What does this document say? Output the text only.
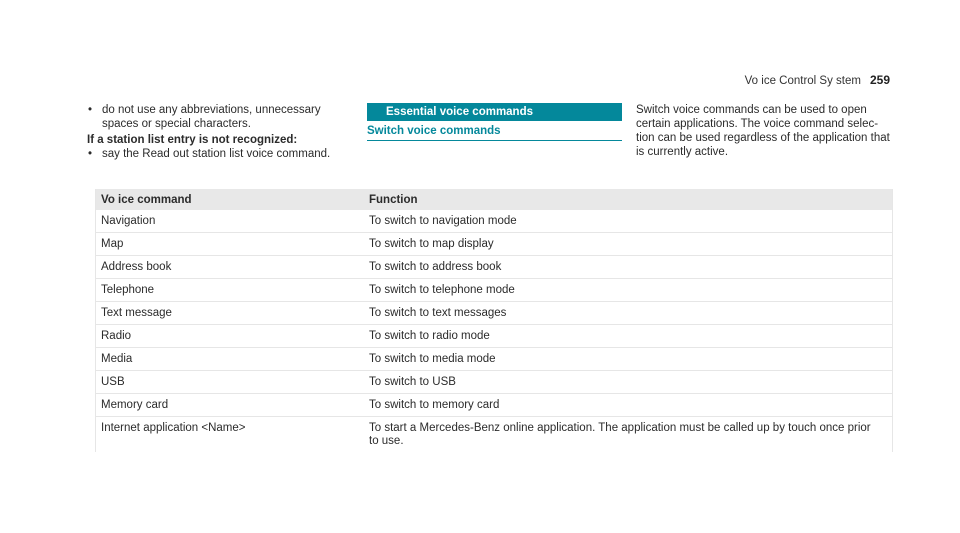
Vo ice Control Sy stem 259
• do not use any abbreviations, unnecessary spaces or special characters.
If a station list entry is not recognized:
• say the Read out station list voice command.
Essential voice commands
Switch voice commands
Switch voice commands can be used to open certain applications. The voice command selec- tion can be used regardless of the application that is currently active.
Vo ice command	Function
Navigation	To switch to navigation mode
Map	To switch to map display
Address book	To switch to address book
Telephone	To switch to telephone mode
Text message	To switch to text messages
Radio	To switch to radio mode
Media	To switch to media mode
USB	To switch to USB
Memory card	To switch to memory card
Internet application <Name>	To start a Mercedes-Benz online application. The application must be called up by touch once prior to use.
